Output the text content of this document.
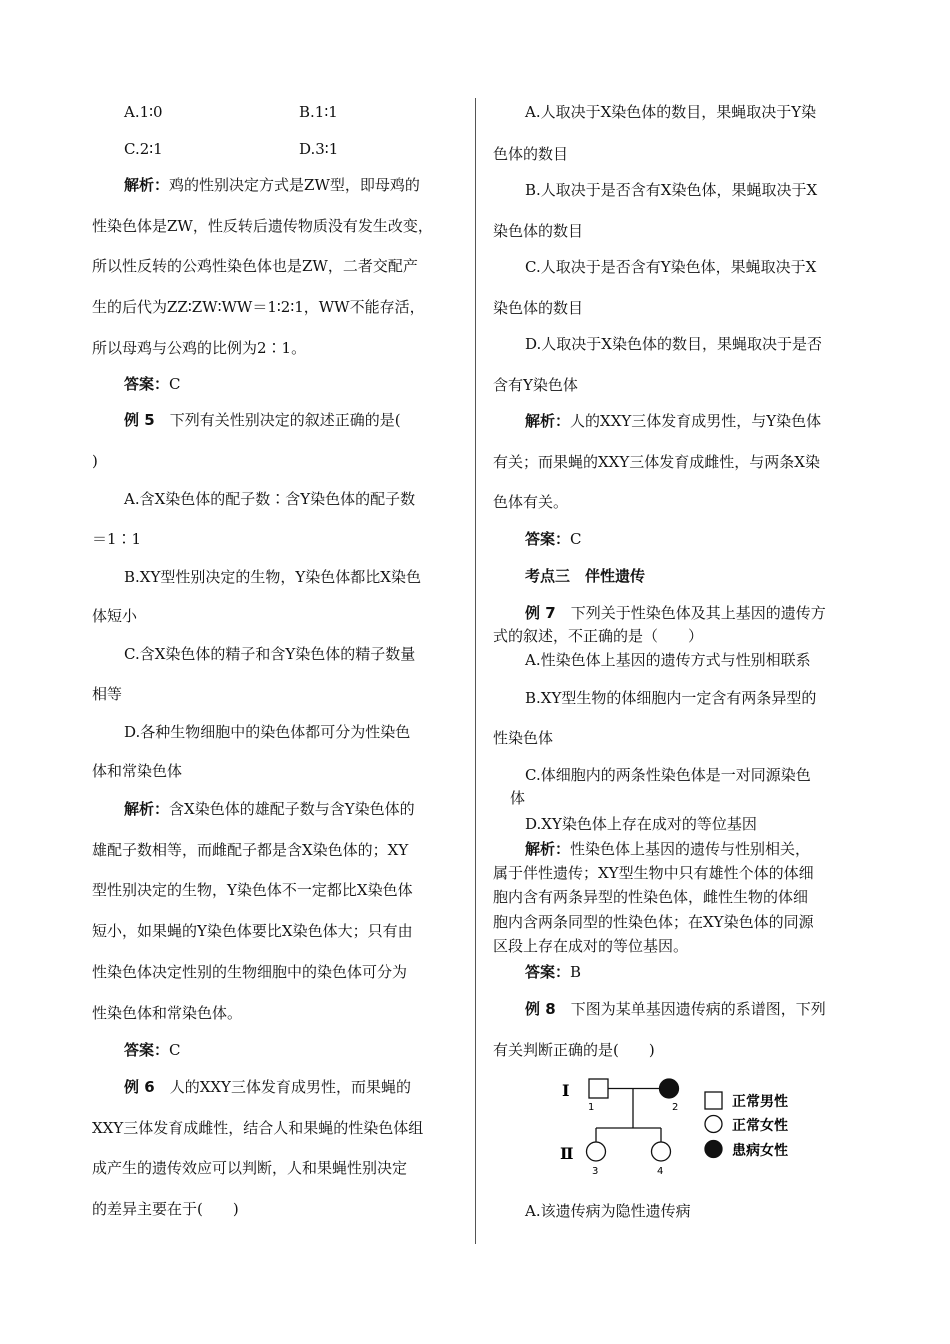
A.1∶0	B.1∶1
C.2∶1	D.3∶1
解析：鸡的性别决定方式是ZW型，即母鸡的
性染色体是ZW，性反转后遗传物质没有发生改变，
所以性反转的公鸡性染色体也是ZW，二者交配产
生的后代为ZZ∶ZW∶WW＝1∶2∶1，WW不能存活，
所以母鸡与公鸡的比例为2∶1。
答案：C
例 5　 下列有关性别决定的叙述正确的是(
)
A.含X染色体的配子数∶含Y染色体的配子数
＝1∶1
B.XY型性别决定的生物，Y染色体都比X染色
体短小
C.含X染色体的精子和含Y染色体的精子数量
相等
D.各种生物细胞中的染色体都可分为性染色
体和常染色体
解析：含X染色体的雄配子数与含Y染色体的
雄配子数相等，而雌配子都是含X染色体的；XY
型性别决定的生物，Y染色体不一定都比X染色体
短小，如果蝇的Y染色体要比X染色体大；只有由
性染色体决定性别的生物细胞中的染色体可分为
性染色体和常染色体。
答案：C
例 6　 人的XXY三体发育成男性，而果蝇的
XXY三体发育成雌性，结合人和果蝇的性染色体组
成产生的遗传效应可以判断，人和果蝇性别决定
的差异主要在于(　　)
A.人取决于X染色体的数目，果蝇取决于Y染
色体的数目
B.人取决于是否含有X染色体，果蝇取决于X
染色体的数目
C.人取决于是否含有Y染色体，果蝇取决于X
染色体的数目
D.人取决于X染色体的数目，果蝇取决于是否
含有Y染色体
解析：人的XXY三体发育成男性，与Y染色体
有关；而果蝇的XXY三体发育成雌性，与两条X染
色体有关。
答案：C
考点三　伴性遗传
例 7　 下列关于性染色体及其上基因的遗传方
式的叙述，不正确的是（　　）
A.性染色体上基因的遗传方式与性别相联系
B.XY型生物的体细胞内一定含有两条异型的
性染色体
C.体细胞内的两条性染色体是一对同源染色
体
D.XY染色体上存在成对的等位基因
解析：性染色体上基因的遗传与性别相关，
属于伴性遗传；XY型生物中只有雄性个体的体细
胞内含有两条异型的性染色体，雌性生物的体细
胞内含两条同型的性染色体；在XY染色体的同源
区段上存在成对的等位基因。
答案：B
例 8　 下图为某单基因遗传病的系谱图，下列
有关判断正确的是(　　)
A.该遗传病为隐性遗传病
Ⅰ
Ⅱ
1	2
3	4
正常男性
正常女性
患病女性
